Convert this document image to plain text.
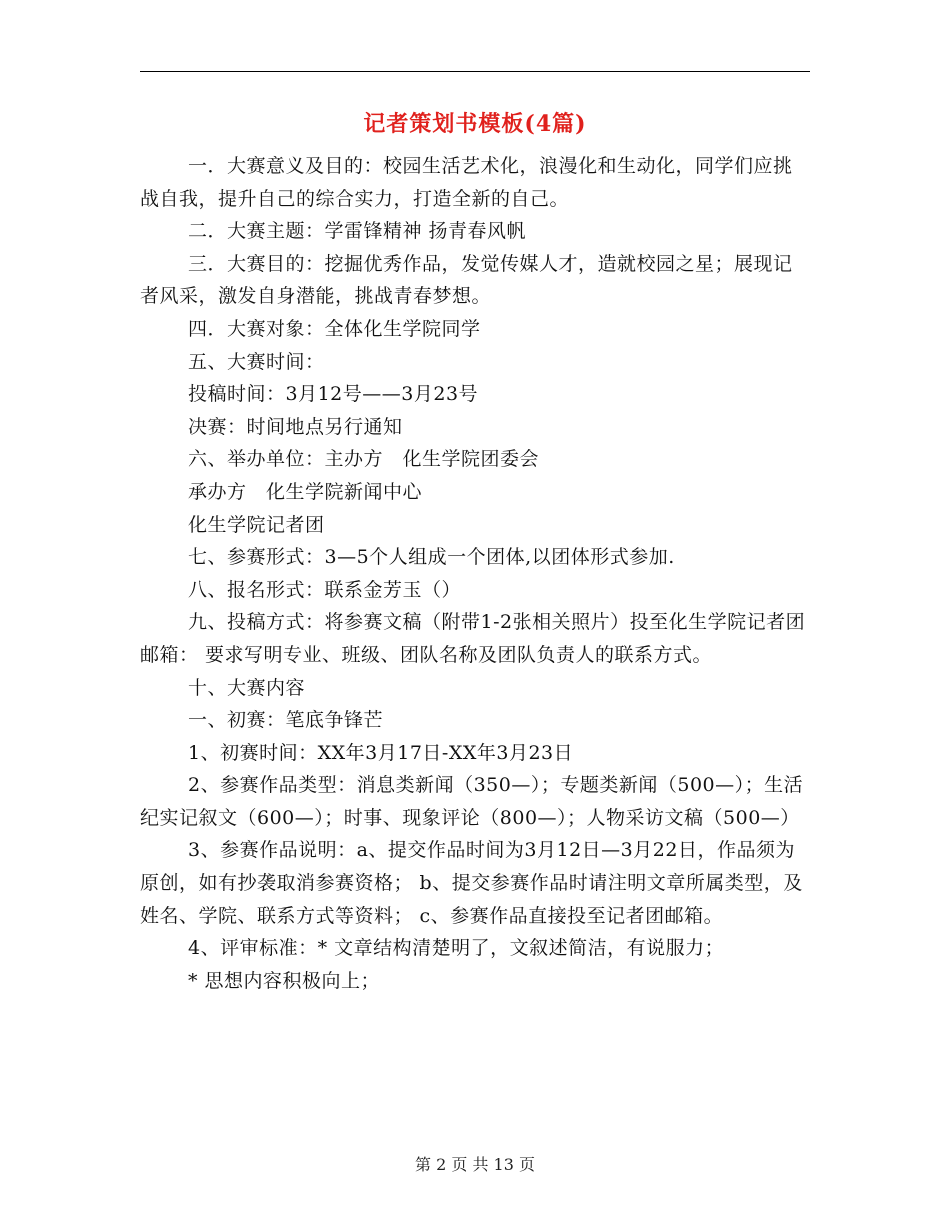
记者策划书模板(4篇)

一．大赛意义及目的：校园生活艺术化，浪漫化和生动化，同学们应挑战自我，提升自己的综合实力，打造全新的自己。

二．大赛主题：学雷锋精神 扬青春风帆

三．大赛目的：挖掘优秀作品，发觉传媒人才，造就校园之星；展现记者风采，激发自身潜能，挑战青春梦想。

四．大赛对象：全体化生学院同学

五、大赛时间：

投稿时间：3月12号——3月23号

决赛：时间地点另行通知

六、举办单位：主办方　化生学院团委会

承办方　化生学院新闻中心

化生学院记者团

七、参赛形式：3—5个人组成一个团体,以团体形式参加.

八、报名形式：联系金芳玉（）

九、投稿方式：将参赛文稿（附带1-2张相关照片）投至化生学院记者团邮箱： 要求写明专业、班级、团队名称及团队负责人的联系方式。

十、大赛内容

一、初赛：笔底争锋芒

1、初赛时间：XX年3月17日-XX年3月23日

2、参赛作品类型：消息类新闻（350—）；专题类新闻（500—）；生活纪实记叙文（600—）；时事、现象评论（800—）；人物采访文稿（500—）

3、参赛作品说明：a、提交作品时间为3月12日—3月22日，作品须为原创，如有抄袭取消参赛资格； b、提交参赛作品时请注明文章所属类型，及姓名、学院、联系方式等资料； c、参赛作品直接投至记者团邮箱。

4、评审标准：* 文章结构清楚明了，文叙述简洁，有说服力；

* 思想内容积极向上；

第 2 页 共 13 页
